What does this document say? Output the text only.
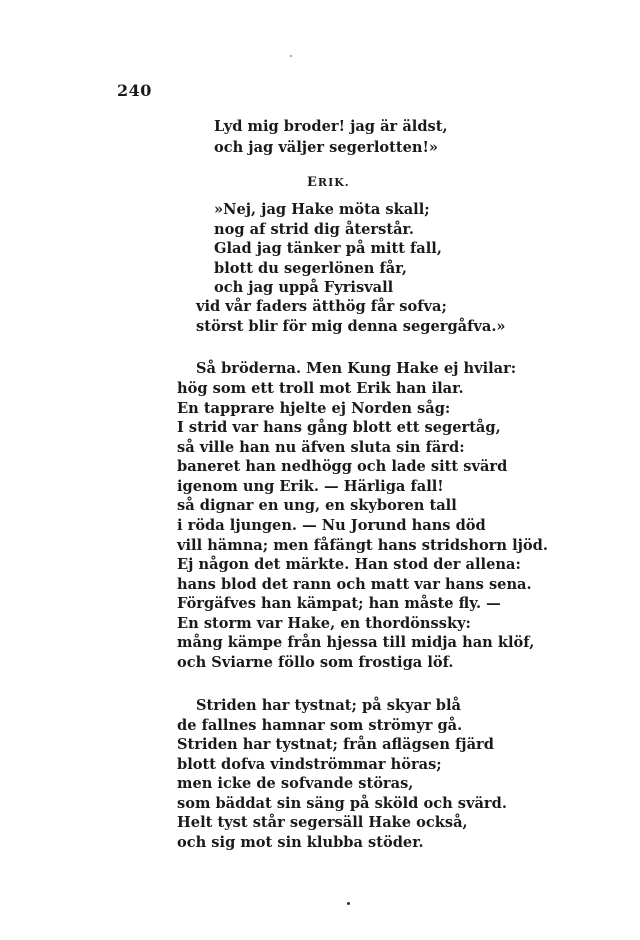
240
Lyd mig broder! jag är äldst,
och jag väljer segerlotten!»
ERIK.
»Nej, jag Hake möta skall;
nog af strid dig återstår.
Glad jag tänker på mitt fall,
blott du segerlönen får,
och jag uppå Fyrisvall
vid vår faders ätthög får sofva;
störst blir för mig denna segergåfva.»
Så bröderna. Men Kung Hake ej hvilar:
hög som ett troll mot Erik han ilar.
En tapprare hjelte ej Norden såg:
I strid var hans gång blott ett segertåg,
så ville han nu äfven sluta sin färd:
baneret han nedhögg och lade sitt svärd
igenom ung Erik. — Härliga fall!
så dignar en ung, en skyboren tall
i röda ljungen. — Nu Jorund hans död
vill hämna; men fåfängt hans stridshorn ljöd.
Ej någon det märkte. Han stod der allena:
hans blod det rann och matt var hans sena.
Förgäfves han kämpat; han måste fly. —
En storm var Hake, en thordönssky:
mång kämpe från hjessa till midja han klöf,
och Sviarne föllo som frostiga löf.
Striden har tystnat; på skyar blå
de fallnes hamnar som strömyr gå.
Striden har tystnat; från aflägsen fjärd
blott dofva vindströmmar höras;
men icke de sofvande störas,
som bäddat sin säng på sköld och svärd.
Helt tyst står segersäll Hake också,
och sig mot sin klubba stöder.
